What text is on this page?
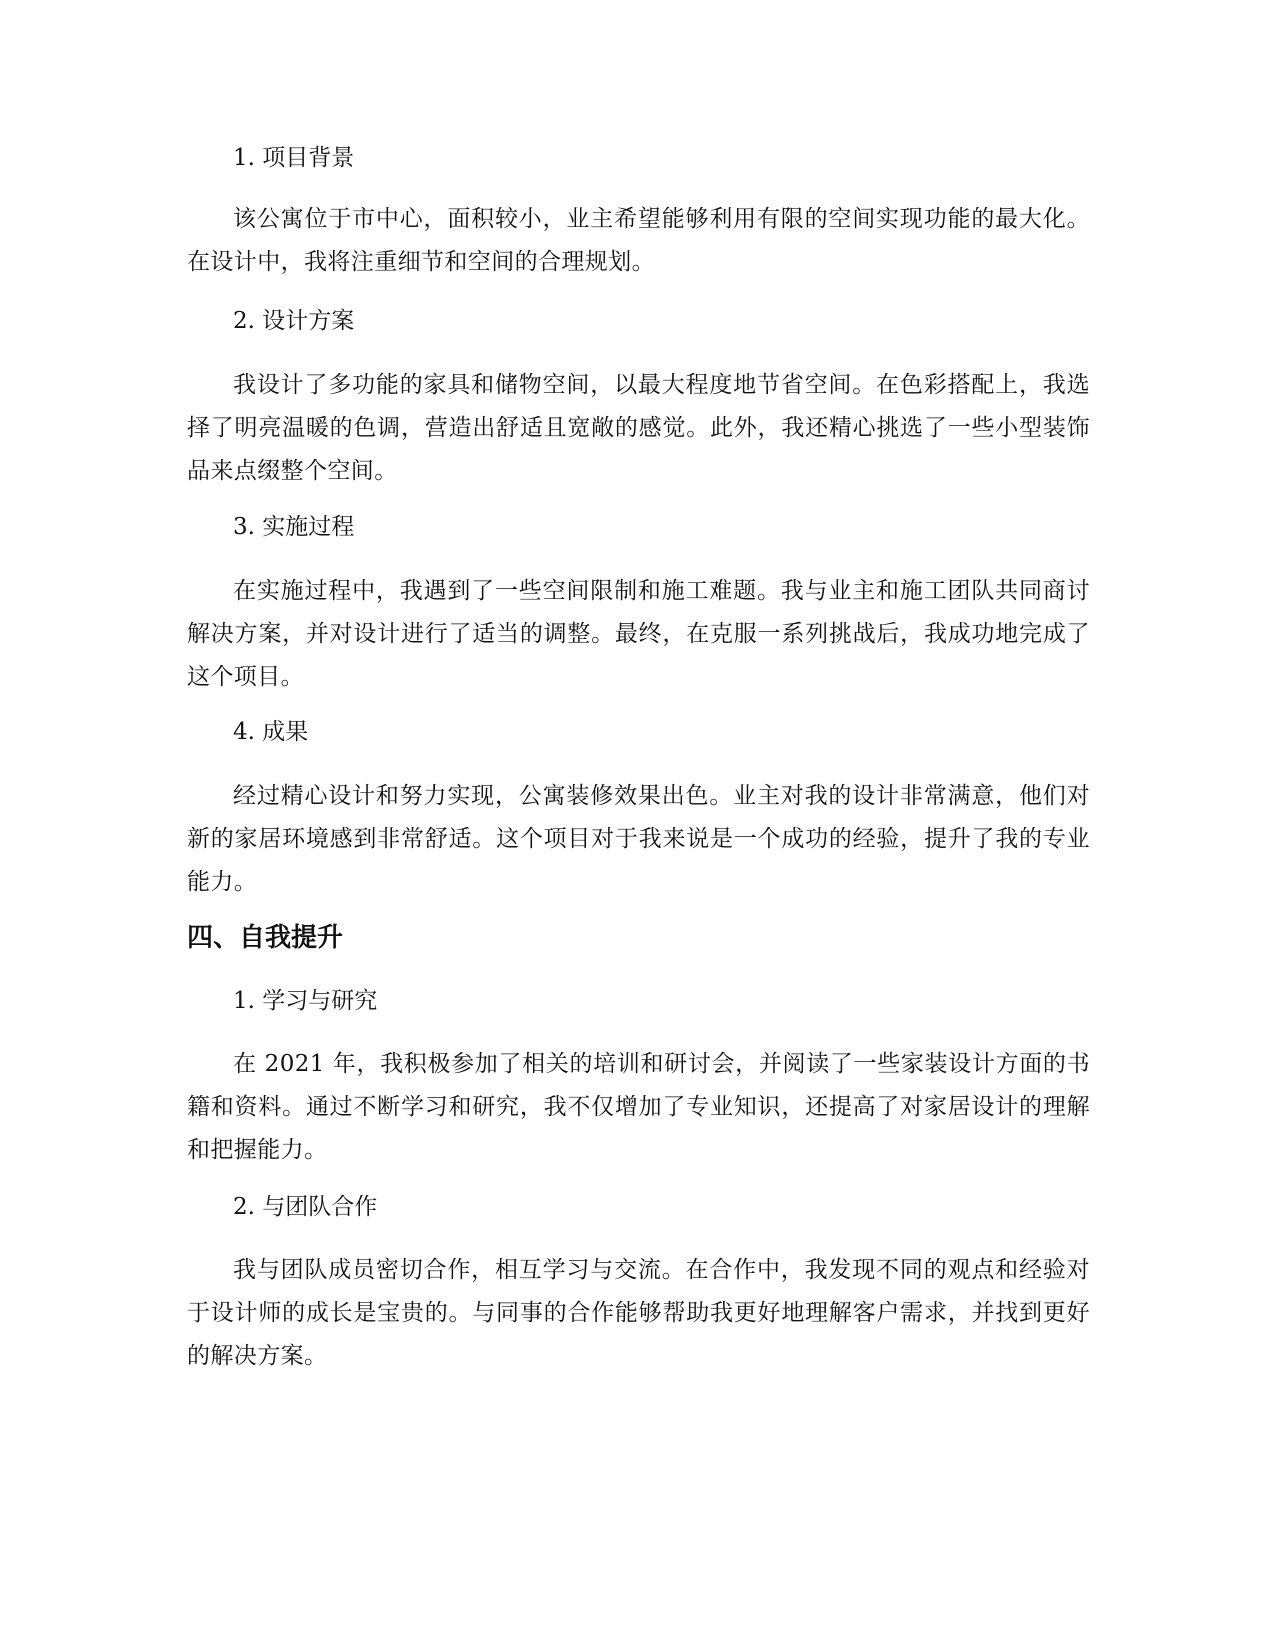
1. 项目背景

该公寓位于市中心，面积较小，业主希望能够利用有限的空间实现功能的最大化。在设计中，我将注重细节和空间的合理规划。

2. 设计方案

我设计了多功能的家具和储物空间，以最大程度地节省空间。在色彩搭配上，我选择了明亮温暖的色调，营造出舒适且宽敞的感觉。此外，我还精心挑选了一些小型装饰品来点缀整个空间。

3. 实施过程

在实施过程中，我遇到了一些空间限制和施工难题。我与业主和施工团队共同商讨解决方案，并对设计进行了适当的调整。最终，在克服一系列挑战后，我成功地完成了这个项目。

4. 成果

经过精心设计和努力实现，公寓装修效果出色。业主对我的设计非常满意，他们对新的家居环境感到非常舒适。这个项目对于我来说是一个成功的经验，提升了我的专业能力。

四、自我提升

1. 学习与研究

在 2021 年，我积极参加了相关的培训和研讨会，并阅读了一些家装设计方面的书籍和资料。通过不断学习和研究，我不仅增加了专业知识，还提高了对家居设计的理解和把握能力。

2. 与团队合作

我与团队成员密切合作，相互学习与交流。在合作中，我发现不同的观点和经验对于设计师的成长是宝贵的。与同事的合作能够帮助我更好地理解客户需求，并找到更好的解决方案。
